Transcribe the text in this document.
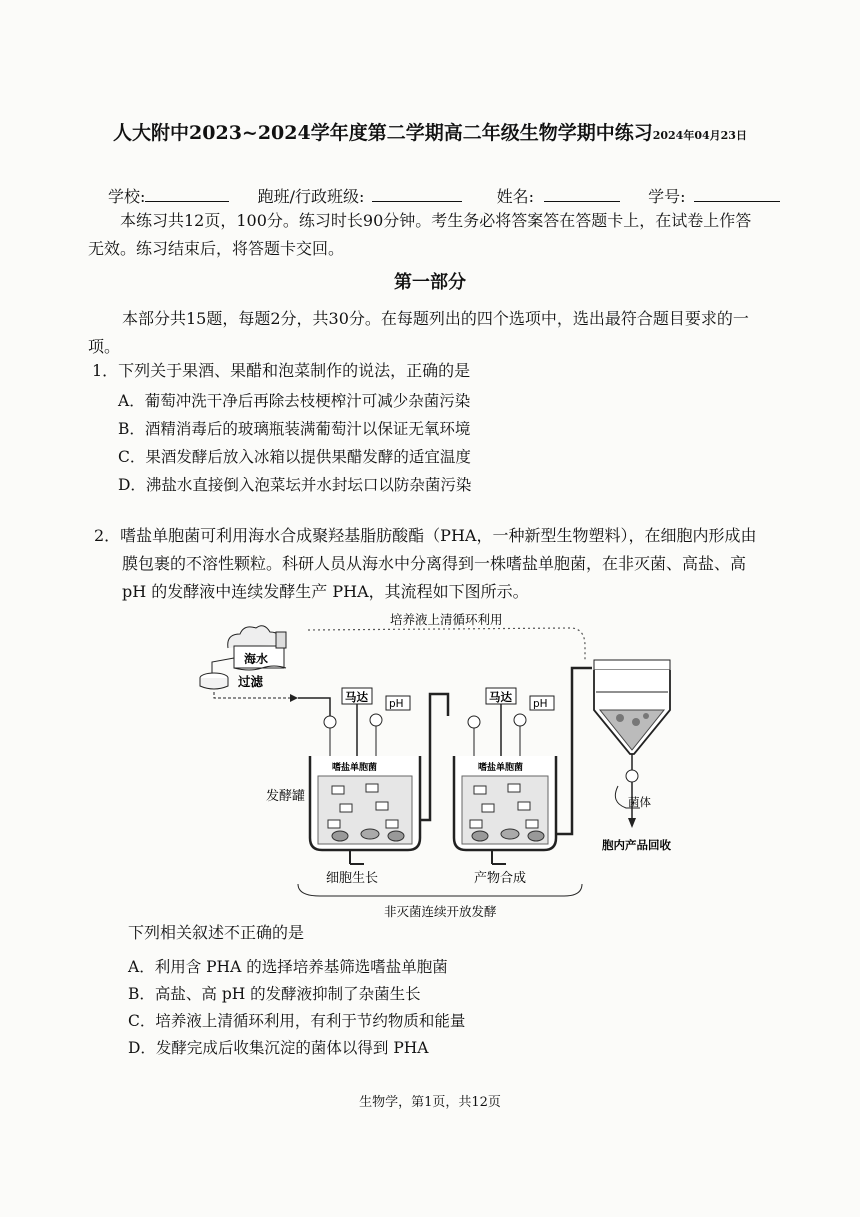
人大附中2023~2024学年度第二学期高二年级生物学期中练习2024年04月23日
学校:	跑班/行政班级:	姓名:	学号:
本练习共12页，100分。练习时长90分钟。考生务必将答案答在答题卡上，在试卷上作答
无效。练习结束后，将答题卡交回。
第一部分
本部分共15题，每题2分，共30分。在每题列出的四个选项中，选出最符合题目要求的一
项。
1．下列关于果酒、果醋和泡菜制作的说法，正确的是
A．葡萄冲洗干净后再除去枝梗榨汁可减少杂菌污染
B．酒精消毒后的玻璃瓶装满葡萄汁以保证无氧环境
C．果酒发酵后放入冰箱以提供果醋发酵的适宜温度
D．沸盐水直接倒入泡菜坛并水封坛口以防杂菌污染
2．嗜盐单胞菌可利用海水合成聚羟基脂肪酸酯（PHA，一种新型生物塑料），在细胞内形成由
膜包裹的不溶性颗粒。科研人员从海水中分离得到一株嗜盐单胞菌，在非灭菌、高盐、高
pH 的发酵液中连续发酵生产 PHA，其流程如下图所示。
培养液上清循环利用
海水
过滤
马达 pH
嗜盐单胞菌
发酵罐
马达 pH
嗜盐单胞菌
菌体
胞内产品回收
细胞生长	产物合成
非灭菌连续开放发酵
下列相关叙述不正确的是
A．利用含 PHA 的选择培养基筛选嗜盐单胞菌
B．高盐、高 pH 的发酵液抑制了杂菌生长
C．培养液上清循环利用，有利于节约物质和能量
D．发酵完成后收集沉淀的菌体以得到 PHA
生物学，第1页，共12页
